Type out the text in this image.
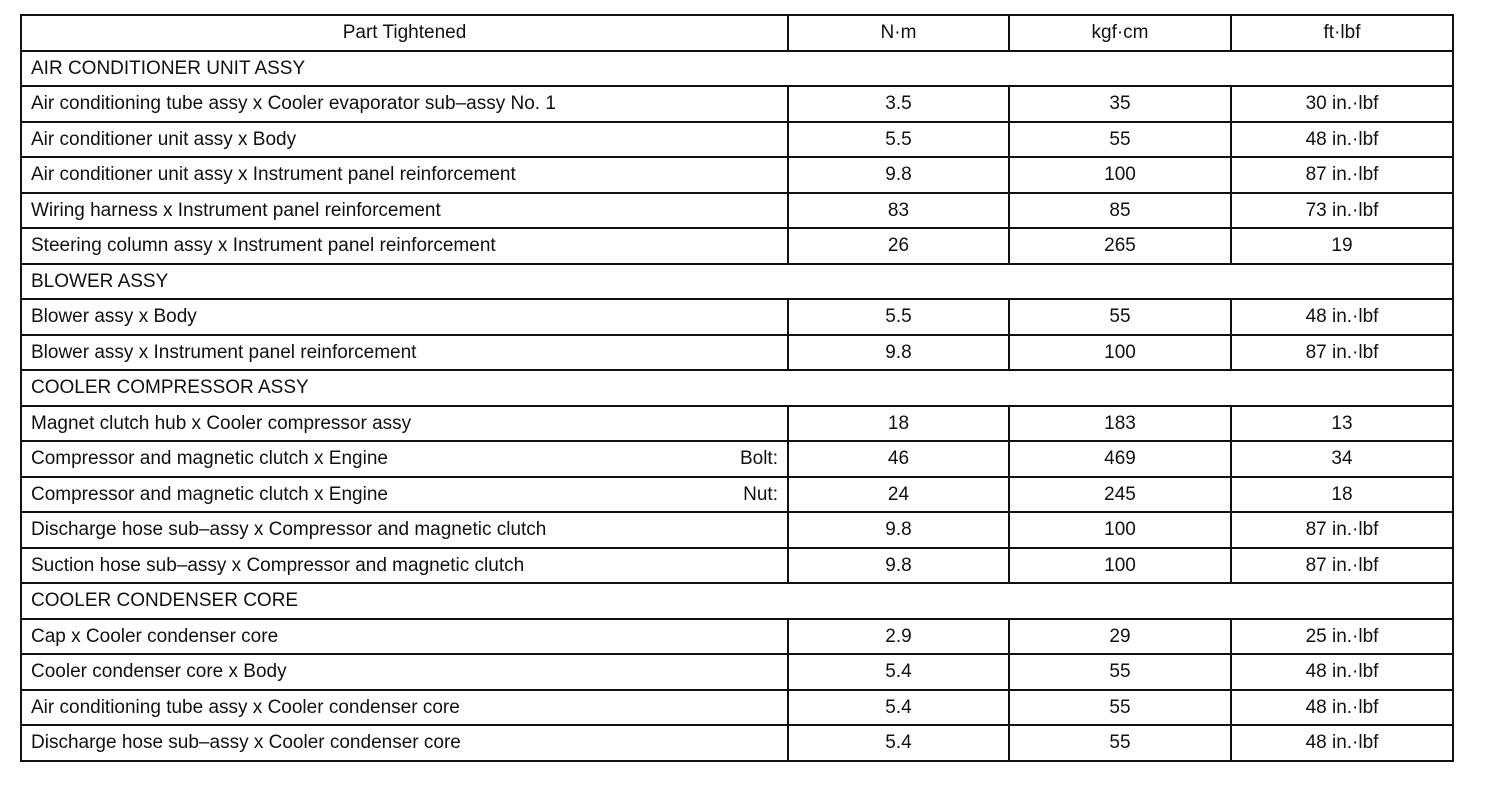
Part Tightened	N·m	kgf·cm	ft·lbf
AIR CONDITIONER UNIT ASSY			

Air conditioning tube assy x Cooler evaporator sub–assy No. 1	3.5	35	30 in.·lbf

Air conditioner unit assy x Body	5.5	55	48 in.·lbf

Air conditioner unit assy x Instrument panel reinforcement	9.8	100	87 in.·lbf

Wiring harness x Instrument panel reinforcement	83	85	73 in.·lbf

Steering column assy x Instrument panel reinforcement	26	265	19
BLOWER ASSY			

Blower assy x Body	5.5	55	48 in.·lbf

Blower assy x Instrument panel reinforcement	9.8	100	87 in.·lbf
COOLER COMPRESSOR ASSY			

Magnet clutch hub x Cooler compressor assy	18	183	13

Compressor and magnetic clutch x Engine Bolt:	46	469	34

Compressor and magnetic clutch x Engine Nut:	24	245	18

Discharge hose sub–assy x Compressor and magnetic clutch	9.8	100	87 in.·lbf

Suction hose sub–assy x Compressor and magnetic clutch	9.8	100	87 in.·lbf
COOLER CONDENSER CORE			

Cap x Cooler condenser core	2.9	29	25 in.·lbf

Cooler condenser core x Body	5.4	55	48 in.·lbf

Air conditioning tube assy x Cooler condenser core	5.4	55	48 in.·lbf

Discharge hose sub–assy x Cooler condenser core	5.4	55	48 in.·lbf
